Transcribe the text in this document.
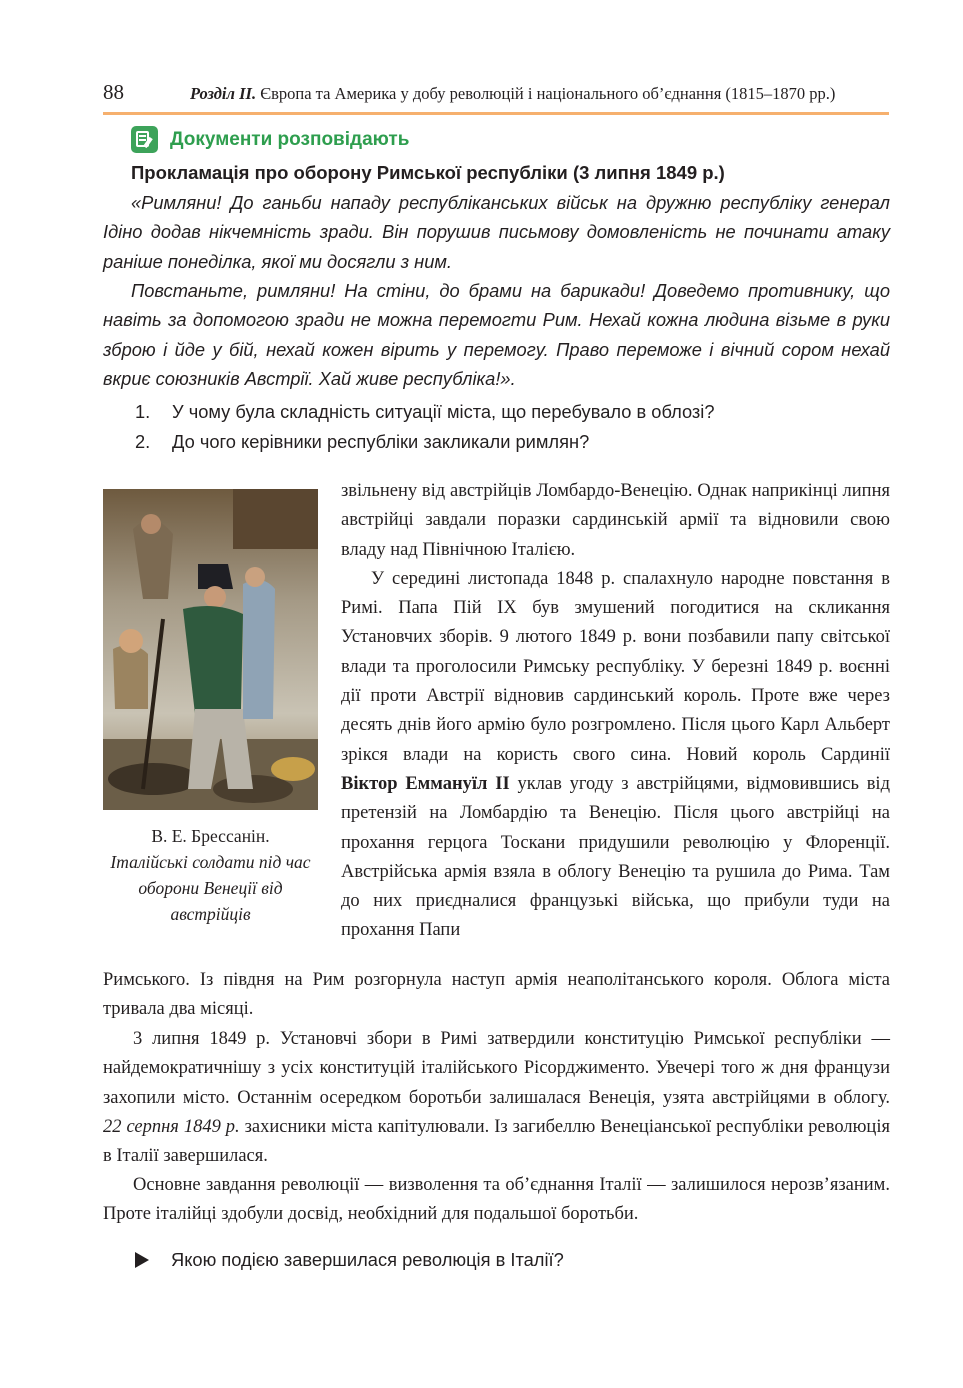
88	Розділ ІІ. Європа та Америка у добу революцій і національного об’єднання (1815–1870 рр.)
Документи розповідають
Прокламація про оборону Римської республіки (3 липня 1849 р.)

«Римляни! До ганьби нападу республіканських військ на дружню республіку генерал Ідіно додав нікчемність зради. Він порушив письмову домовленість не починати атаку раніше понеділка, якої ми досягли з ним.

Повстаньте, римляни! На стіни, до брами на барикади! Доведемо противнику, що навіть за допомогою зради не можна перемогти Рим. Нехай кожна людина візьме в руки зброю і йде у бій, нехай кожен вірить у перемогу. Право переможе і вічний сором нехай вкриє союзників Австрії. Хай живе республіка!».

1.	У чому була складність ситуації міста, що перебувало в облозі?
2.	До чого керівники республіки закликали римлян?
В. Е. Брессанін.
Італійські солдати під час оборони Венеції від австрійців

звільнену від австрійців Ломбардо-Венецію. Однак наприкінці липня австрійці завдали поразки сардинській армії та відновили свою владу над Північною Італією.

У середині листопада 1848 р. спалахнуло народне повстання в Римі. Папа Пій IX був змушений погодитися на скликання Установчих зборів. 9 лютого 1849 р. вони позбавили папу світської влади та проголосили Римську республіку. У березні 1849 р. воєнні дії проти Австрії відновив сардинський король. Проте вже через десять днів його армію було розгромлено. Після цього Карл Альберт зрікся влади на користь свого сина. Новий король Сардинії Віктор Еммануїл II уклав угоду з австрійцями, відмовившись від претензій на Ломбардію та Венецію. Після цього австрійці на прохання герцога Тоскани придушили революцію у Флоренції. Австрійська армія взяла в облогу Венецію та рушила до Рима. Там до них приєдналися французькі війська, що прибули туди на прохання Папи

Римського. Із півдня на Рим розгорнула наступ армія неаполітанського короля. Облога міста тривала два місяці.

3 липня 1849 р. Установчі збори в Римі затвердили конституцію Римської республіки — найдемократичнішу з усіх конституцій італійського Рісорджименто. Увечері того ж дня французи захопили місто. Останнім осередком боротьби залишалася Венеція, узята австрійцями в облогу. 22 серпня 1849 р. захисники міста капітулювали. Із загибеллю Венеціанської республіки революція в Італії завершилася.

Основне завдання революції — визволення та об’єднання Італії — залишилося нерозв’язаним. Проте італійці здобули досвід, необхідний для подальшої боротьби.

Якою подією завершилася революція в Італії?
